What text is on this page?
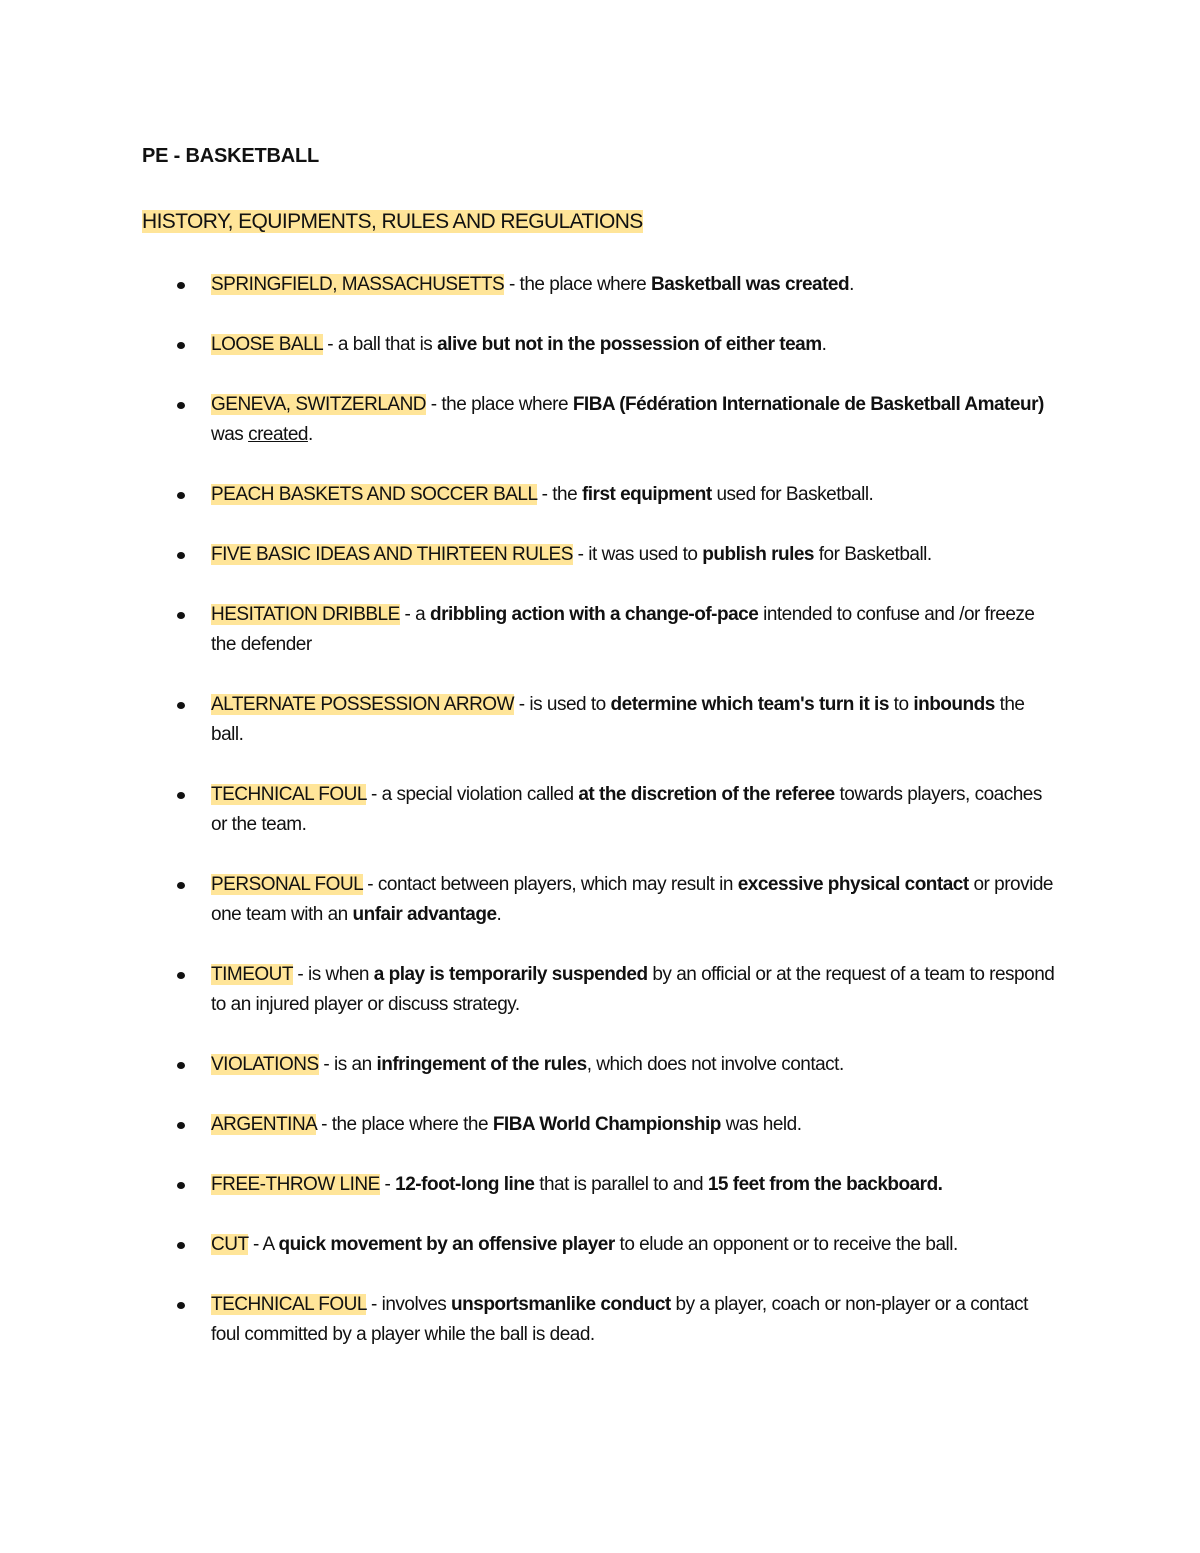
PE - BASKETBALL
HISTORY, EQUIPMENTS, RULES AND REGULATIONS
SPRINGFIELD, MASSACHUSETTS - the place where Basketball was created.
LOOSE BALL - a ball that is alive but not in the possession of either team.
GENEVA, SWITZERLAND - the place where FIBA (Fédération Internationale de Basketball Amateur) was created.
PEACH BASKETS AND SOCCER BALL - the first equipment used for Basketball.
FIVE BASIC IDEAS AND THIRTEEN RULES - it was used to publish rules for Basketball.
HESITATION DRIBBLE - a dribbling action with a change-of-pace intended to confuse and /or freeze the defender
ALTERNATE POSSESSION ARROW - is used to determine which team's turn it is to inbounds the ball.
TECHNICAL FOUL - a special violation called at the discretion of the referee towards players, coaches or the team.
PERSONAL FOUL - contact between players, which may result in excessive physical contact or provide one team with an unfair advantage.
TIMEOUT - is when a play is temporarily suspended by an official or at the request of a team to respond to an injured player or discuss strategy.
VIOLATIONS - is an infringement of the rules, which does not involve contact.
ARGENTINA - the place where the FIBA World Championship was held.
FREE-THROW LINE - 12-foot-long line that is parallel to and 15 feet from the backboard.
CUT - A quick movement by an offensive player to elude an opponent or to receive the ball.
TECHNICAL FOUL - involves unsportsmanlike conduct by a player, coach or non-player or a contact foul committed by a player while the ball is dead.
